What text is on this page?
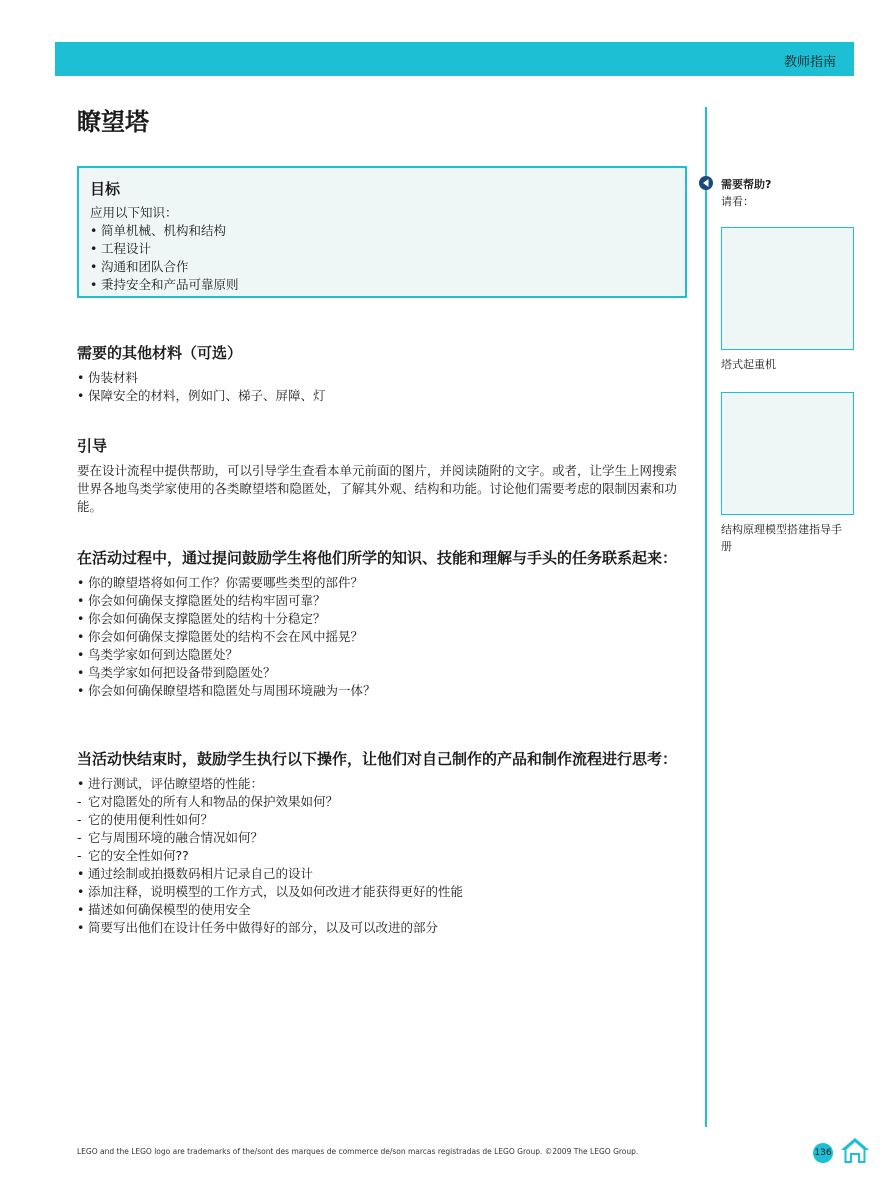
教师指南
瞭望塔

目标

应用以下知识：

• 简单机械、机构和结构
• 工程设计
• 沟通和团队合作
• 秉持安全和产品可靠原则

需要的其他材料（可选）

• 伪装材料
• 保障安全的材料，例如门、梯子、屏障、灯

引导

要在设计流程中提供帮助，可以引导学生查看本单元前面的图片，并阅读随附的文字。或者，让学生上网搜索世界各地鸟类学家使用的各类瞭望塔和隐匿处，了解其外观、结构和功能。讨论他们需要考虑的限制因素和功能。

在活动过程中，通过提问鼓励学生将他们所学的知识、技能和理解与手头的任务联系起来：

• 你的瞭望塔将如何工作？你需要哪些类型的部件？
• 你会如何确保支撑隐匿处的结构牢固可靠？
• 你会如何确保支撑隐匿处的结构十分稳定？
• 你会如何确保支撑隐匿处的结构不会在风中摇晃？
• 鸟类学家如何到达隐匿处？
• 鸟类学家如何把设备带到隐匿处？
• 你会如何确保瞭望塔和隐匿处与周围环境融为一体？

当活动快结束时，鼓励学生执行以下操作，让他们对自己制作的产品和制作流程进行思考：

• 进行测试，评估瞭望塔的性能：
- 它对隐匿处的所有人和物品的保护效果如何？
- 它的使用便利性如何？
- 它与周围环境的融合情况如何？
- 它的安全性如何??
• 通过绘制或拍摄数码相片记录自己的设计
• 添加注释，说明模型的工作方式，以及如何改进才能获得更好的性能
• 描述如何确保模型的使用安全
• 简要写出他们在设计任务中做得好的部分，以及可以改进的部分
需要帮助?
请看：
塔式起重机
结构原理模型搭建指导手册
LEGO and the LEGO logo are trademarks of the/sont des marques de commerce de/son marcas registradas de LEGO Group. ©2009 The LEGO Group.	136
